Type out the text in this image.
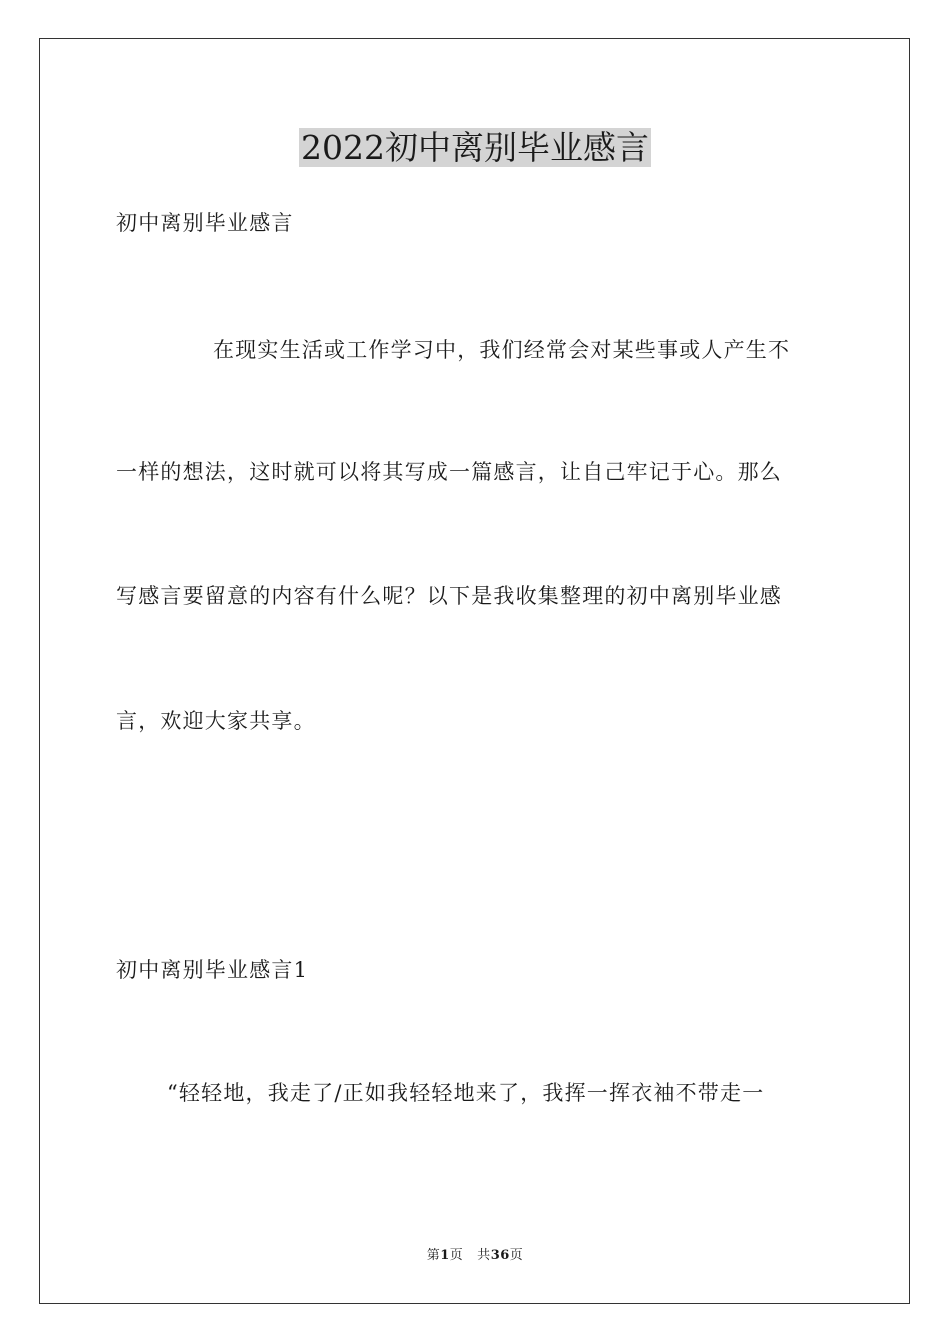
2022初中离别毕业感言
初中离别毕业感言
在现实生活或工作学习中，我们经常会对某些事或人产生不
一样的想法，这时就可以将其写成一篇感言，让自己牢记于心。那么
写感言要留意的内容有什么呢？以下是我收集整理的初中离别毕业感
言，欢迎大家共享。
初中离别毕业感言1
“轻轻地，我走了/正如我轻轻地来了，我挥一挥衣袖不带走一
第1页 共36页
